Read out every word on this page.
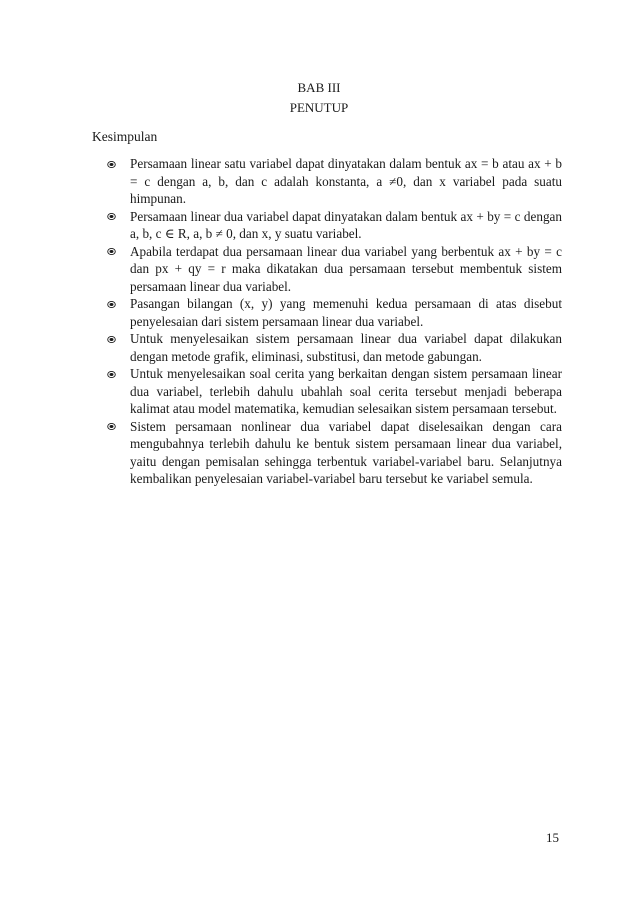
BAB III
PENUTUP
Kesimpulan
Persamaan linear satu variabel dapat dinyatakan dalam bentuk ax = b atau ax + b = c dengan a, b, dan c adalah konstanta, a ≠0, dan x variabel pada suatu himpunan.
Persamaan linear dua variabel dapat dinyatakan dalam bentuk ax + by = c dengan a, b, c ∈ R, a, b ≠ 0, dan x, y suatu variabel.
Apabila terdapat dua persamaan linear dua variabel yang berbentuk ax + by = c dan px + qy = r maka dikatakan dua persamaan tersebut membentuk sistem persamaan linear dua variabel.
Pasangan bilangan (x, y) yang memenuhi kedua persamaan di atas disebut penyelesaian dari sistem persamaan linear dua variabel.
Untuk menyelesaikan sistem persamaan linear dua variabel dapat dilakukan dengan metode grafik, eliminasi, substitusi, dan metode gabungan.
Untuk menyelesaikan soal cerita yang berkaitan dengan sistem persamaan linear dua variabel, terlebih dahulu ubahlah soal cerita tersebut menjadi beberapa kalimat atau model matematika, kemudian selesaikan sistem persamaan tersebut.
Sistem persamaan nonlinear dua variabel dapat diselesaikan dengan cara mengubahnya terlebih dahulu ke bentuk sistem persamaan linear dua variabel, yaitu dengan pemisalan sehingga terbentuk variabel-variabel baru. Selanjutnya kembalikan penyelesaian variabel-variabel baru tersebut ke variabel semula.
15
